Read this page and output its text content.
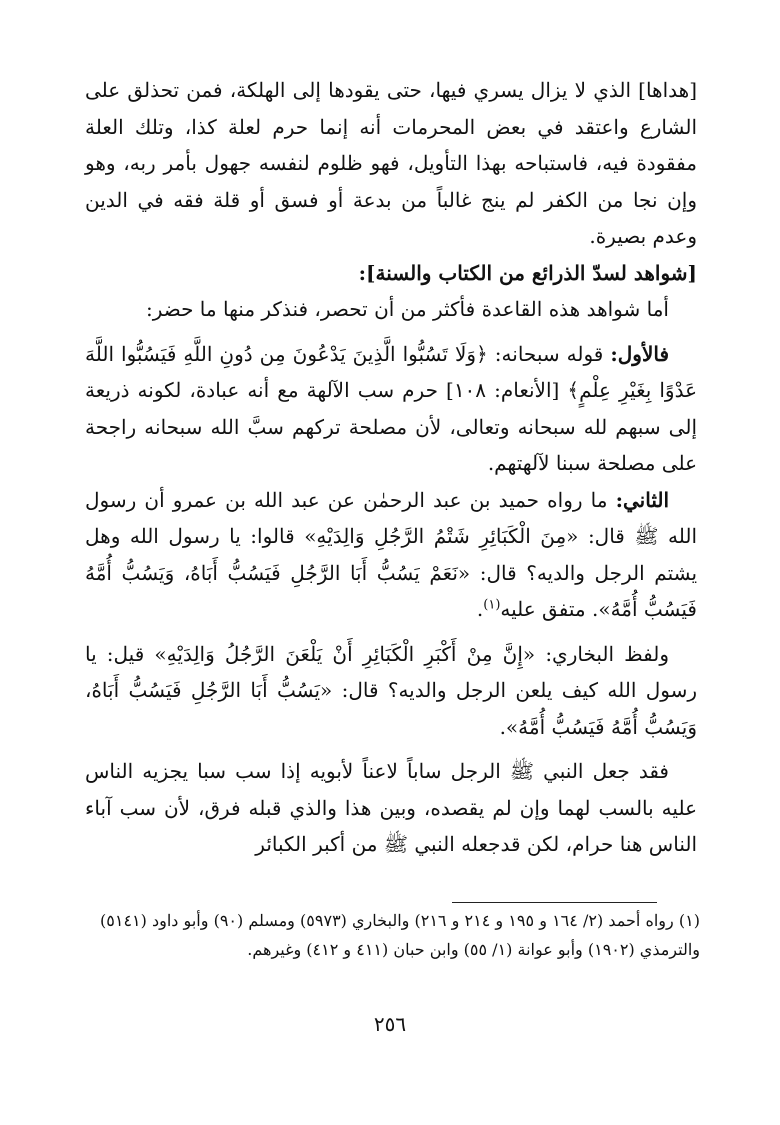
[هداها] الذي لا يزال يسري فيها، حتى يقودها إلى الهلكة، فمن تحذلق على الشارع واعتقد في بعض المحرمات أنه إنما حرم لعلة كذا، وتلك العلة مفقودة فيه، فاستباحه بهذا التأويل، فهو ظلوم لنفسه جهول بأمر ربه، وهو وإن نجا من الكفر لم ينج غالباً من بدعة أو فسق أو قلة فقه في الدين وعدم بصيرة.

[شواهد لسدّ الذرائع من الكتاب والسنة]:

أما شواهد هذه القاعدة فأكثر من أن تحصر، فنذكر منها ما حضر:

فالأول: قوله سبحانه: ﴿وَلَا تَسُبُّوا الَّذِينَ يَدْعُونَ مِن دُونِ اللَّهِ فَيَسُبُّوا اللَّهَ عَدْوًا بِغَيْرِ عِلْمٍ﴾ [الأنعام: ١٠٨] حرم سب الآلهة مع أنه عبادة، لكونه ذريعة إلى سبهم لله سبحانه وتعالى، لأن مصلحة تركهم سبَّ الله سبحانه راجحة على مصلحة سبنا لآلهتهم.

الثاني: ما رواه حميد بن عبد الرحمٰن عن عبد الله بن عمرو أن رسول الله ﷺ قال: «مِنَ الْكَبَائِرِ شَتْمُ الرَّجُلِ وَالِدَيْهِ» قالوا: يا رسول الله وهل يشتم الرجل والديه؟ قال: «نَعَمْ يَسُبُّ أَبَا الرَّجُلِ فَيَسُبُّ أَبَاهُ، وَيَسُبُّ أُمَّهُ فَيَسُبُّ أُمَّهُ». متفق عليه$^{(١)}$.

ولفظ البخاري: «إِنَّ مِنْ أَكْبَرِ الْكَبَائِرِ أَنْ يَلْعَنَ الرَّجُلُ وَالِدَيْهِ» قيل: يا رسول الله كيف يلعن الرجل والديه؟ قال: «يَسُبُّ أَبَا الرَّجُلِ فَيَسُبُّ أَبَاهُ، وَيَسُبُّ أُمَّهُ فَيَسُبُّ أُمَّهُ».

فقد جعل النبي ﷺ الرجل ساباً لاعناً لأبويه إذا سب سبا يجزيه الناس عليه بالسب لهما وإن لم يقصده، وبين هذا والذي قبله فرق، لأن سب آباء الناس هنا حرام، لكن قدجعله النبي ﷺ من أكبر الكبائر

(١) رواه أحمد (٢/ ١٦٤ و ١٩٥ و ٢١٤ و ٢١٦) والبخاري (٥٩٧٣) ومسلم (٩٠) وأبو داود (٥١٤١) والترمذي (١٩٠٢) وأبو عوانة (١/ ٥٥) وابن حبان (٤١١ و ٤١٢) وغيرهم.

٢٥٦
